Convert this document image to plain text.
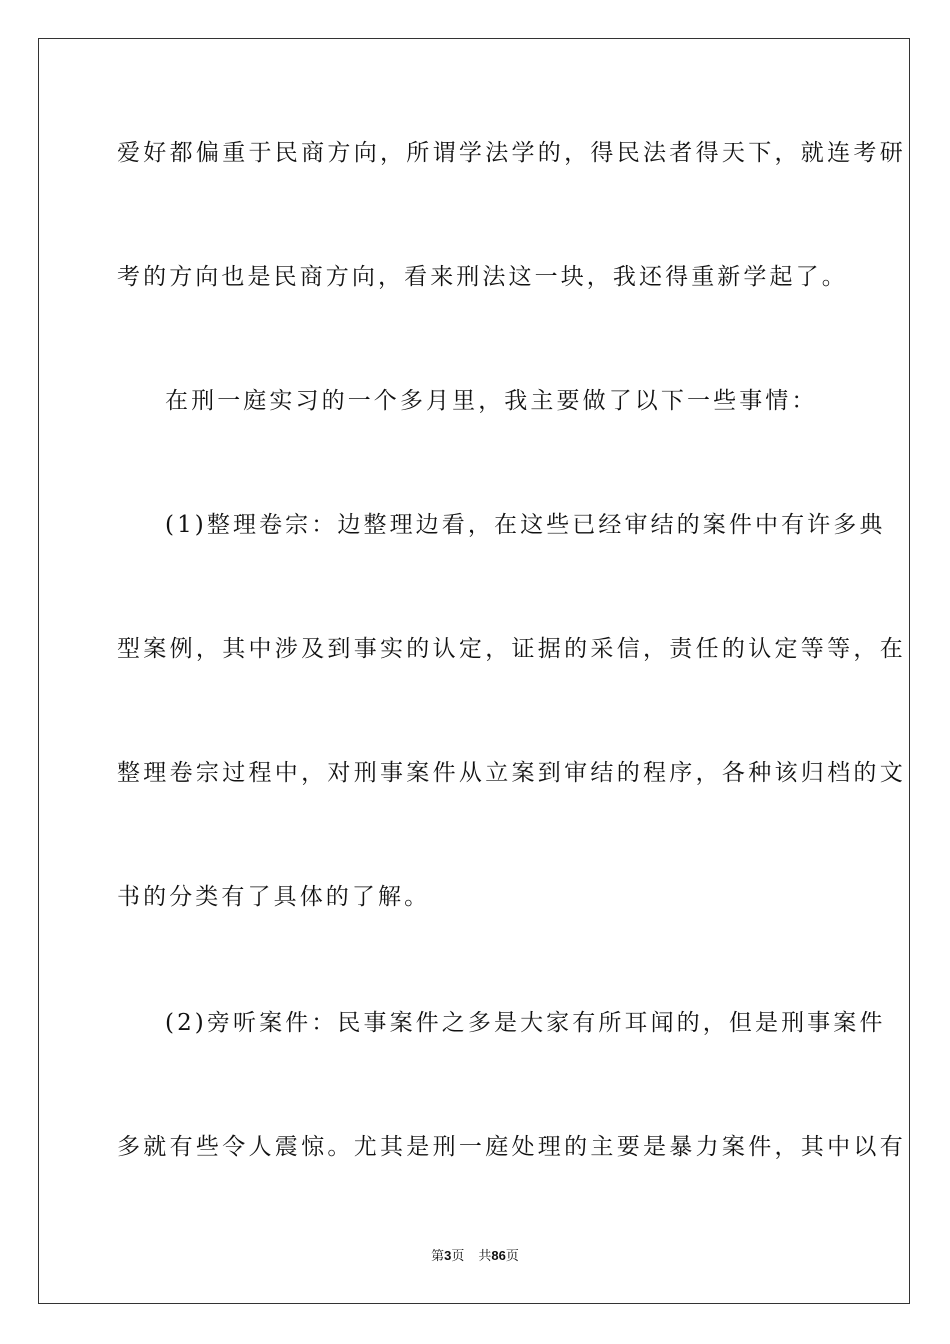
爱好都偏重于民商方向，所谓学法学的，得民法者得天下，就连考研
考的方向也是民商方向，看来刑法这一块，我还得重新学起了。
在刑一庭实习的一个多月里，我主要做了以下一些事情：
(1)整理卷宗：边整理边看，在这些已经审结的案件中有许多典
型案例，其中涉及到事实的认定，证据的采信，责任的认定等等，在
整理卷宗过程中，对刑事案件从立案到审结的程序，各种该归档的文
书的分类有了具体的了解。
(2)旁听案件：民事案件之多是大家有所耳闻的，但是刑事案件
多就有些令人震惊。尤其是刑一庭处理的主要是暴力案件，其中以有
第3页 共86页
